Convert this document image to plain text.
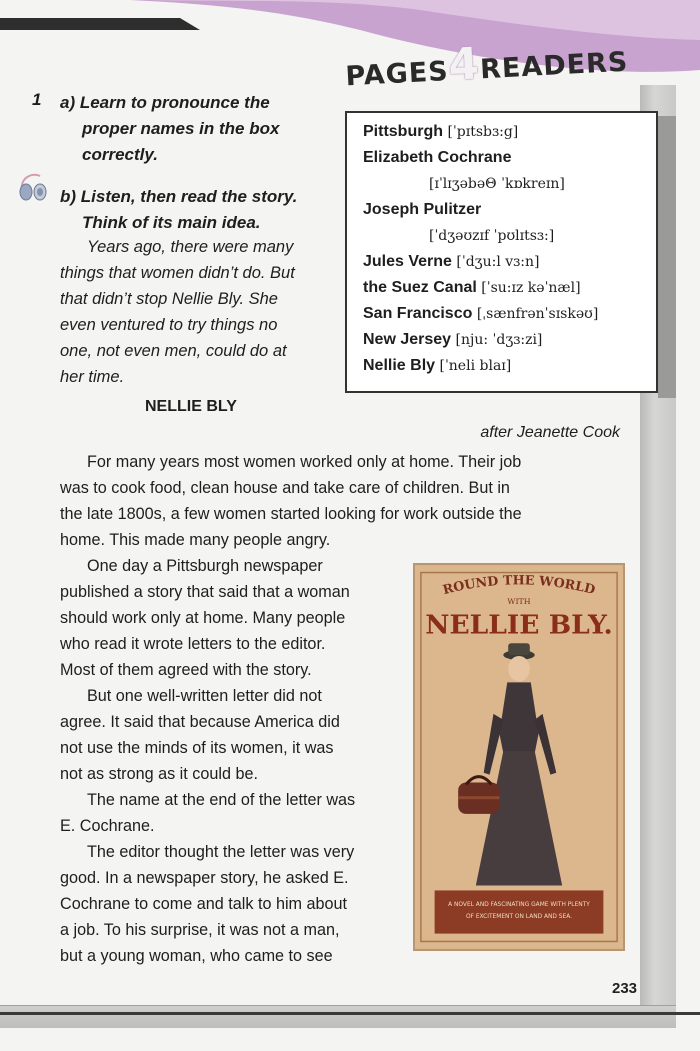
PAGES4READERS
1 a) Learn to pronounce the
proper names in the box
correctly.
b) Listen, then read the story.
Think of its main idea.
Years ago, there were many
things that women didn’t do. But
that didn’t stop Nellie Bly. She
even ventured to try things no
one, not even men, could do at
her time.
Pittsburgh [ˈpɪtsbɜ:g]
Elizabeth Cochrane
[ɪˈlɪʒəbəΘ ˈkɒkreɪn]
Joseph Pulitzer
[ˈdʒəʊzɪf ˈpʊlɪtsɜ:]
Jules Verne [ˈdʒu:l vɜ:n]
the Suez Canal [ˈsu:ɪz kəˈnæl]
San Francisco [ˌsænfrənˈsɪskəʊ]
New Jersey [nju: ˈdʒɜ:zi]
Nellie Bly [ˈneli blaɪ]
NELLIE BLY
after Jeanette Cook
For many years most women worked only at home. Their job
was to cook food, clean house and take care of children. But in
the late 1800s, a few women started looking for work outside the
home. This made many people angry.
One day a Pittsburgh newspaper
published a story that said that a woman
should work only at home. Many people
who read it wrote letters to the editor.
Most of them agreed with the story.
But one well-written letter did not
agree. It said that because America did
not use the minds of its women, it was
not as strong as it could be.
The name at the end of the letter was
E. Cochrane.
The editor thought the letter was very
good. In a newspaper story, he asked E.
Cochrane to come and talk to him about
a job. To his surprise, it was not a man,
but a young woman, who came to see
ROUND THE WORLD
WITH
NELLIE BLY.
A NOVEL AND FASCINATING GAME WITH PLENTY
OF EXCITEMENT ON LAND AND SEA.
233
